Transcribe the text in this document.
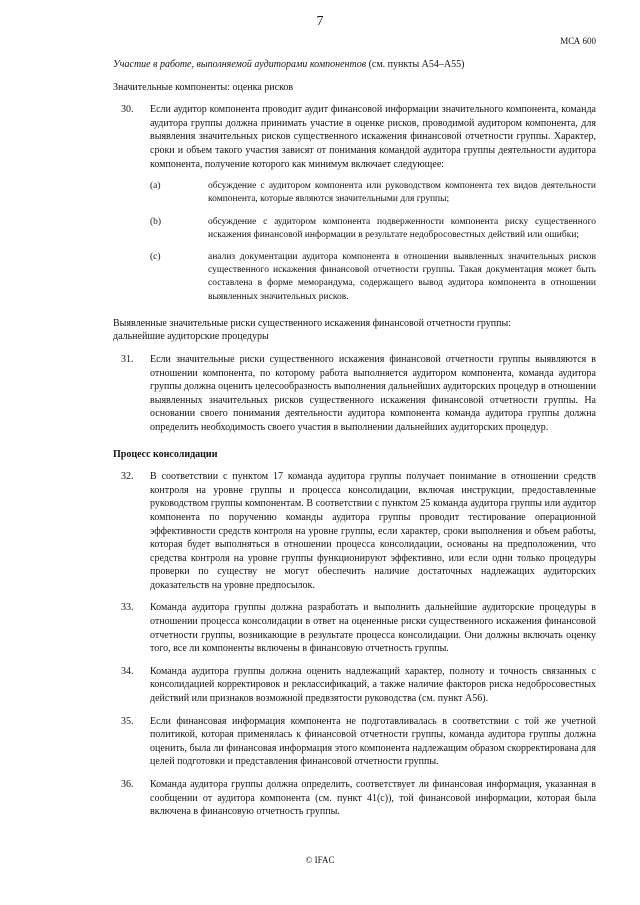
7
МСА 600

Участие в работе, выполняемой аудиторами компонентов (см. пункты А54–А55)

Значительные компоненты: оценка рисков

30. Если аудитор компонента проводит аудит финансовой информации значительного компонента, команда аудитора группы должна принимать участие в оценке рисков, проводимой аудитором компонента, для выявления значительных рисков существенного искажения финансовой отчетности группы. Характер, сроки и объем такого участия зависят от понимания командой аудитора группы деятельности аудитора компонента, получение которого как минимум включает следующее:
(a)	обсуждение с аудитором компонента или руководством компонента тех видов деятельности компонента, которые являются значительными для группы;
(b)	обсуждение с аудитором компонента подверженности компонента риску существенного искажения финансовой информации в результате недобросовестных действий или ошибки;
(c)	анализ документации аудитора компонента в отношении выявленных значительных рисков существенного искажения финансовой отчетности группы. Такая документация может быть составлена в форме меморандума, содержащего вывод аудитора компонента в отношении выявленных значительных рисков.

Выявленные значительные риски существенного искажения финансовой отчетности группы:

дальнейшие аудиторские процедуры

31. Если значительные риски существенного искажения финансовой отчетности группы выявляются в отношении компонента, по которому работа выполняется аудитором компонента, команда аудитора группы должна оценить целесообразность выполнения дальнейших аудиторских процедур в отношении выявленных значительных рисков существенного искажения финансовой отчетности группы. На основании своего понимания деятельности аудитора компонента команда аудитора группы должна определить необходимость своего участия в выполнении дальнейших аудиторских процедур.

Процесс консолидации

32. В соответствии с пунктом 17 команда аудитора группы получает понимание в отношении средств контроля на уровне группы и процесса консолидации, включая инструкции, предоставленные руководством группы компонентам. В соответствии с пунктом 25 команда аудитора группы или аудитор компонента по поручению команды аудитора группы проводит тестирование операционной эффективности средств контроля на уровне группы, если характер, сроки выполнения и объем работы, которая будет выполняться в отношении процесса консолидации, основаны на предположении, что средства контроля на уровне группы функционируют эффективно, или если одни только процедуры проверки по существу не могут обеспечить наличие достаточных надлежащих аудиторских доказательств на уровне предпосылок.
33. Команда аудитора группы должна разработать и выполнить дальнейшие аудиторские процедуры в отношении процесса консолидации в ответ на оцененные риски существенного искажения финансовой отчетности группы, возникающие в результате процесса консолидации. Они должны включать оценку того, все ли компоненты включены в финансовую отчетность группы.
34. Команда аудитора группы должна оценить надлежащий характер, полноту и точность связанных с консолидацией корректировок и реклассификаций, а также наличие факторов риска недобросовестных действий или признаков возможной предвзятости руководства (см. пункт А56).
35. Если финансовая информация компонента не подготавливалась в соответствии с той же учетной политикой, которая применялась к финансовой отчетности группы, команда аудитора группы должна оценить, была ли финансовая информация этого компонента надлежащим образом скорректирована для целей подготовки и представления финансовой отчетности группы.
36. Команда аудитора группы должна определить, соответствует ли финансовая информация, указанная в сообщении от аудитора компонента (см. пункт 41(c)), той финансовой информации, которая была включена в финансовую отчетность группы.
© IFAC
